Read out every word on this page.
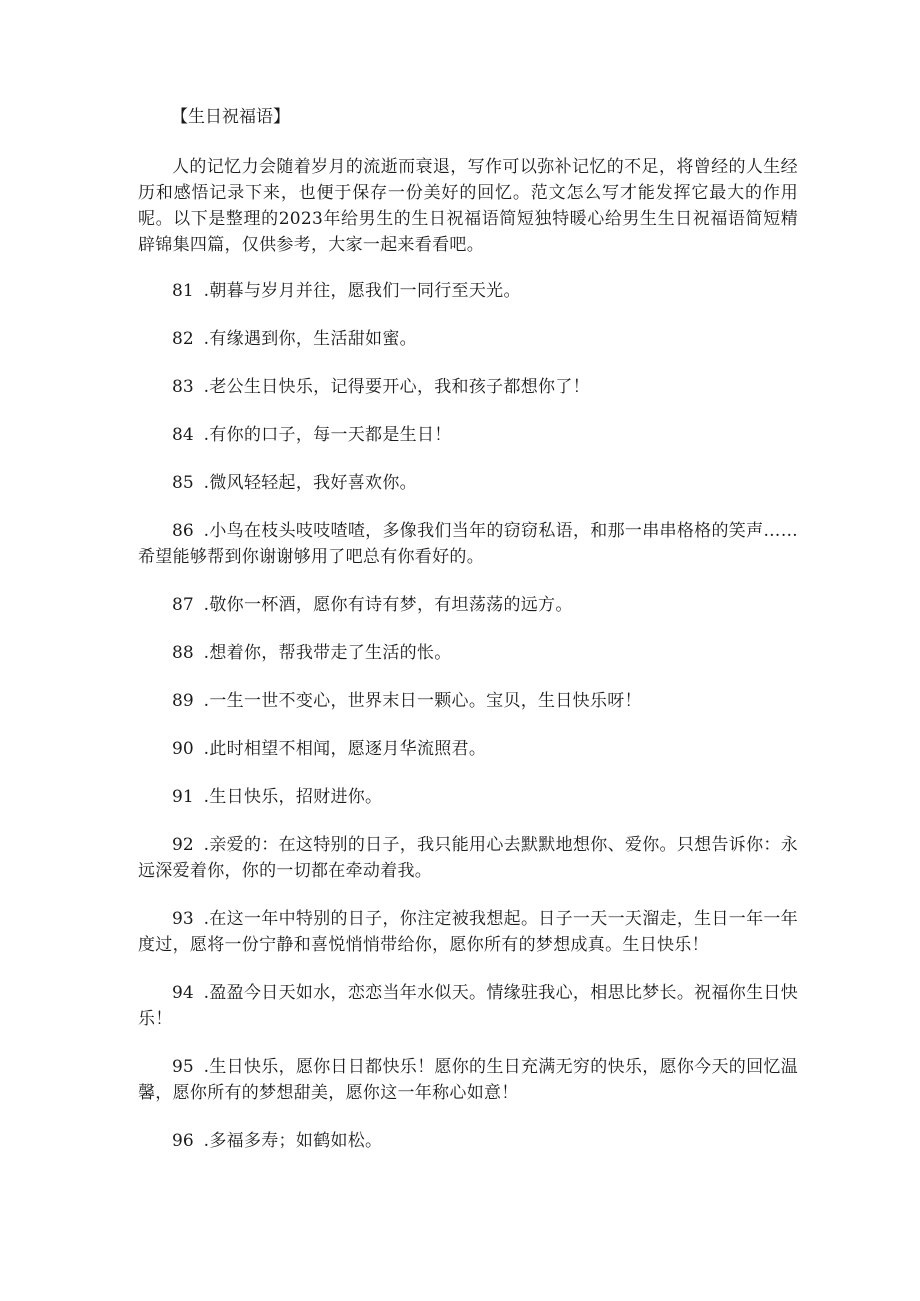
【生日祝福语】

人的记忆力会随着岁月的流逝而衰退，写作可以弥补记忆的不足，将曾经的人生经历和感悟记录下来，也便于保存一份美好的回忆。范文怎么写才能发挥它最大的作用呢。以下是整理的2023年给男生的生日祝福语简短独特暖心给男生生日祝福语简短精辟锦集四篇，仅供参考，大家一起来看看吧。

81 .朝暮与岁月并往，愿我们一同行至天光。

82 .有缘遇到你，生活甜如蜜。

83 .老公生日快乐，记得要开心，我和孩子都想你了！

84 .有你的口子，每一天都是生日！

85 .微风轻轻起，我好喜欢你。

86 .小鸟在枝头吱吱喳喳，多像我们当年的窃窃私语，和那一串串格格的笑声……希望能够帮到你谢谢够用了吧总有你看好的。

87 .敬你一杯酒，愿你有诗有梦，有坦荡荡的远方。

88 .想着你，帮我带走了生活的怅。

89 .一生一世不变心，世界末日一颗心。宝贝，生日快乐呀！

90 .此时相望不相闻，愿逐月华流照君。

91 .生日快乐，招财进你。

92 .亲爱的：在这特别的日子，我只能用心去默默地想你、爱你。只想告诉你：永远深爱着你，你的一切都在牵动着我。

93 .在这一年中特别的日子，你注定被我想起。日子一天一天溜走，生日一年一年度过，愿将一份宁静和喜悦悄悄带给你，愿你所有的梦想成真。生日快乐！

94 .盈盈今日天如水，恋恋当年水似天。情缘驻我心，相思比梦长。祝福你生日快乐！

95 .生日快乐，愿你日日都快乐！愿你的生日充满无穷的快乐，愿你今天的回忆温馨，愿你所有的梦想甜美，愿你这一年称心如意！

96 .多福多寿；如鹤如松。
